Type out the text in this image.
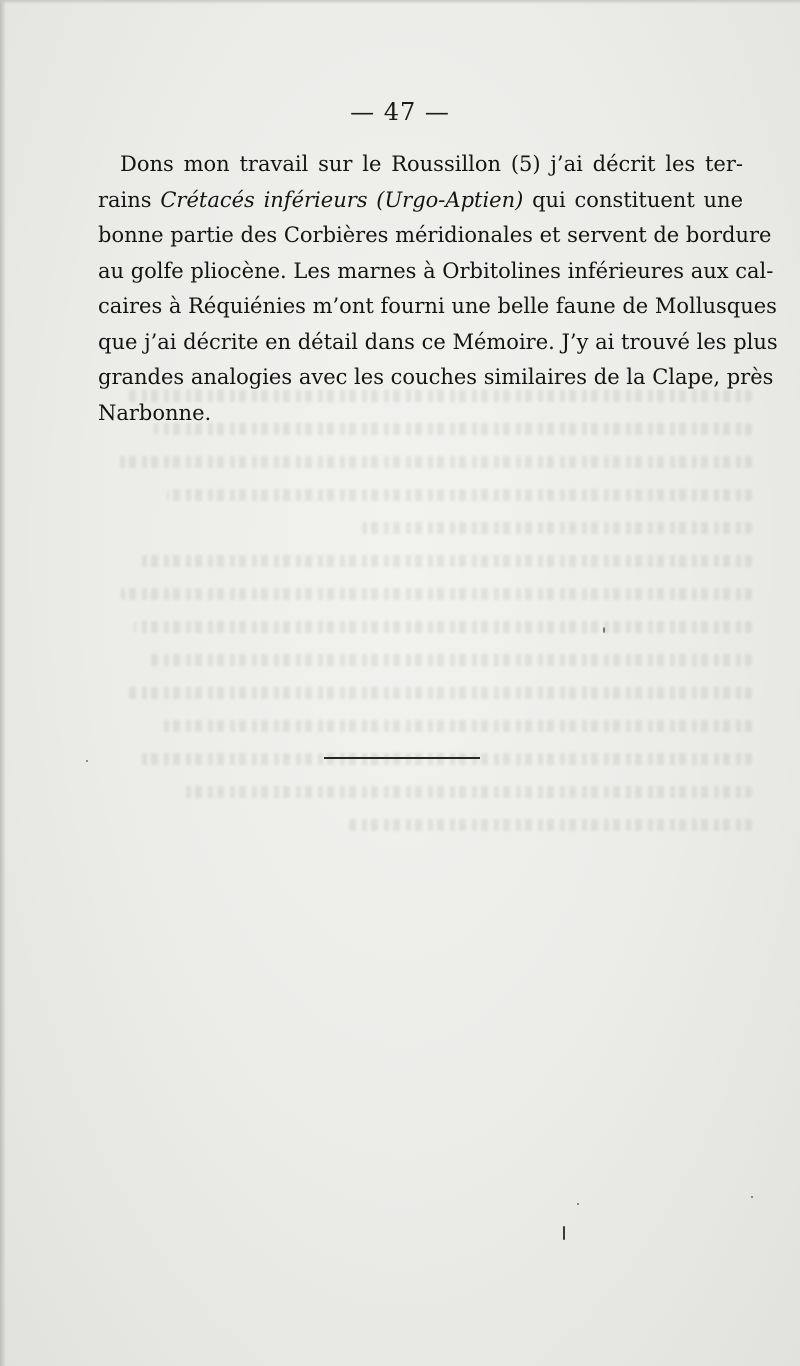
— 47 —
Dons mon travail sur le Roussillon (5) j’ai décrit les ter-
rains Crétacés inférieurs (Urgo-Aptien) qui constituent une
bonne partie des Corbières méridionales et servent de bordure
au golfe pliocène. Les marnes à Orbitolines inférieures aux cal-
caires à Réquiénies m’ont fourni une belle faune de Mollusques
que j’ai décrite en détail dans ce Mémoire. J’y ai trouvé les plus
grandes analogies avec les couches similaires de la Clape, près
Narbonne.
